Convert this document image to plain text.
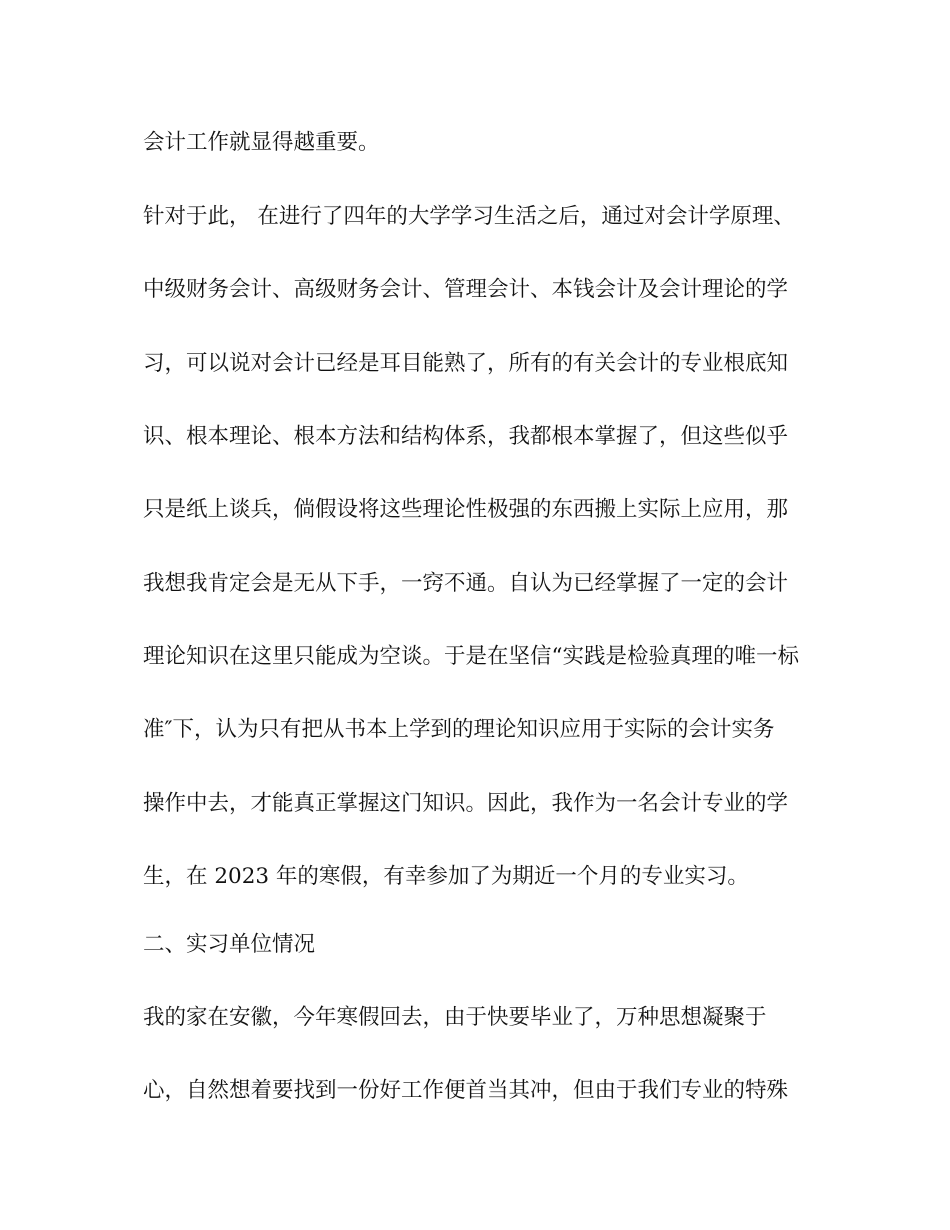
会计工作就显得越重要。
针对于此， 在进行了四年的大学学习生活之后，通过对会计学原理、
中级财务会计、高级财务会计、管理会计、本钱会计及会计理论的学
习，可以说对会计已经是耳目能熟了，所有的有关会计的专业根底知
识、根本理论、根本方法和结构体系，我都根本掌握了，但这些似乎
只是纸上谈兵，倘假设将这些理论性极强的东西搬上实际上应用，那
我想我肯定会是无从下手，一窍不通。自认为已经掌握了一定的会计
理论知识在这里只能成为空谈。于是在坚信“实践是检验真理的唯一标
准″下，认为只有把从书本上学到的理论知识应用于实际的会计实务
操作中去，才能真正掌握这门知识。因此，我作为一名会计专业的学
生，在 2023 年的寒假，有幸参加了为期近一个月的专业实习。
二、实习单位情况
我的家在安徽，今年寒假回去，由于快要毕业了，万种思想凝聚于
心，自然想着要找到一份好工作便首当其冲，但由于我们专业的特殊
